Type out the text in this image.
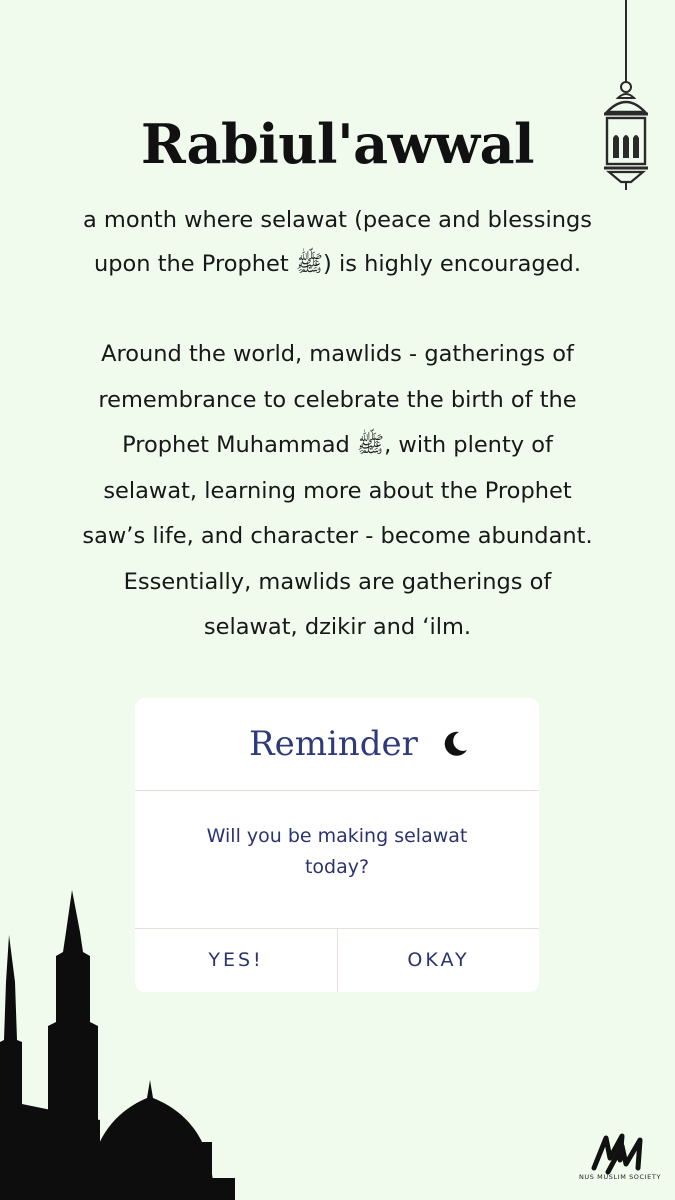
Rabiul'awwal
a month where selawat (peace and blessings
upon the Prophet ﷺ) is highly encouraged.
Around the world, mawlids - gatherings of
remembrance to celebrate the birth of the
Prophet Muhammad ﷺ, with plenty of
selawat, learning more about the Prophet
saw’s life, and character - become abundant.
Essentially, mawlids are gatherings of
selawat, dzikir and ‘ilm.
Reminder
Will you be making selawat
today?
YES!	OKAY
NUS MUSLIM SOCIETY
